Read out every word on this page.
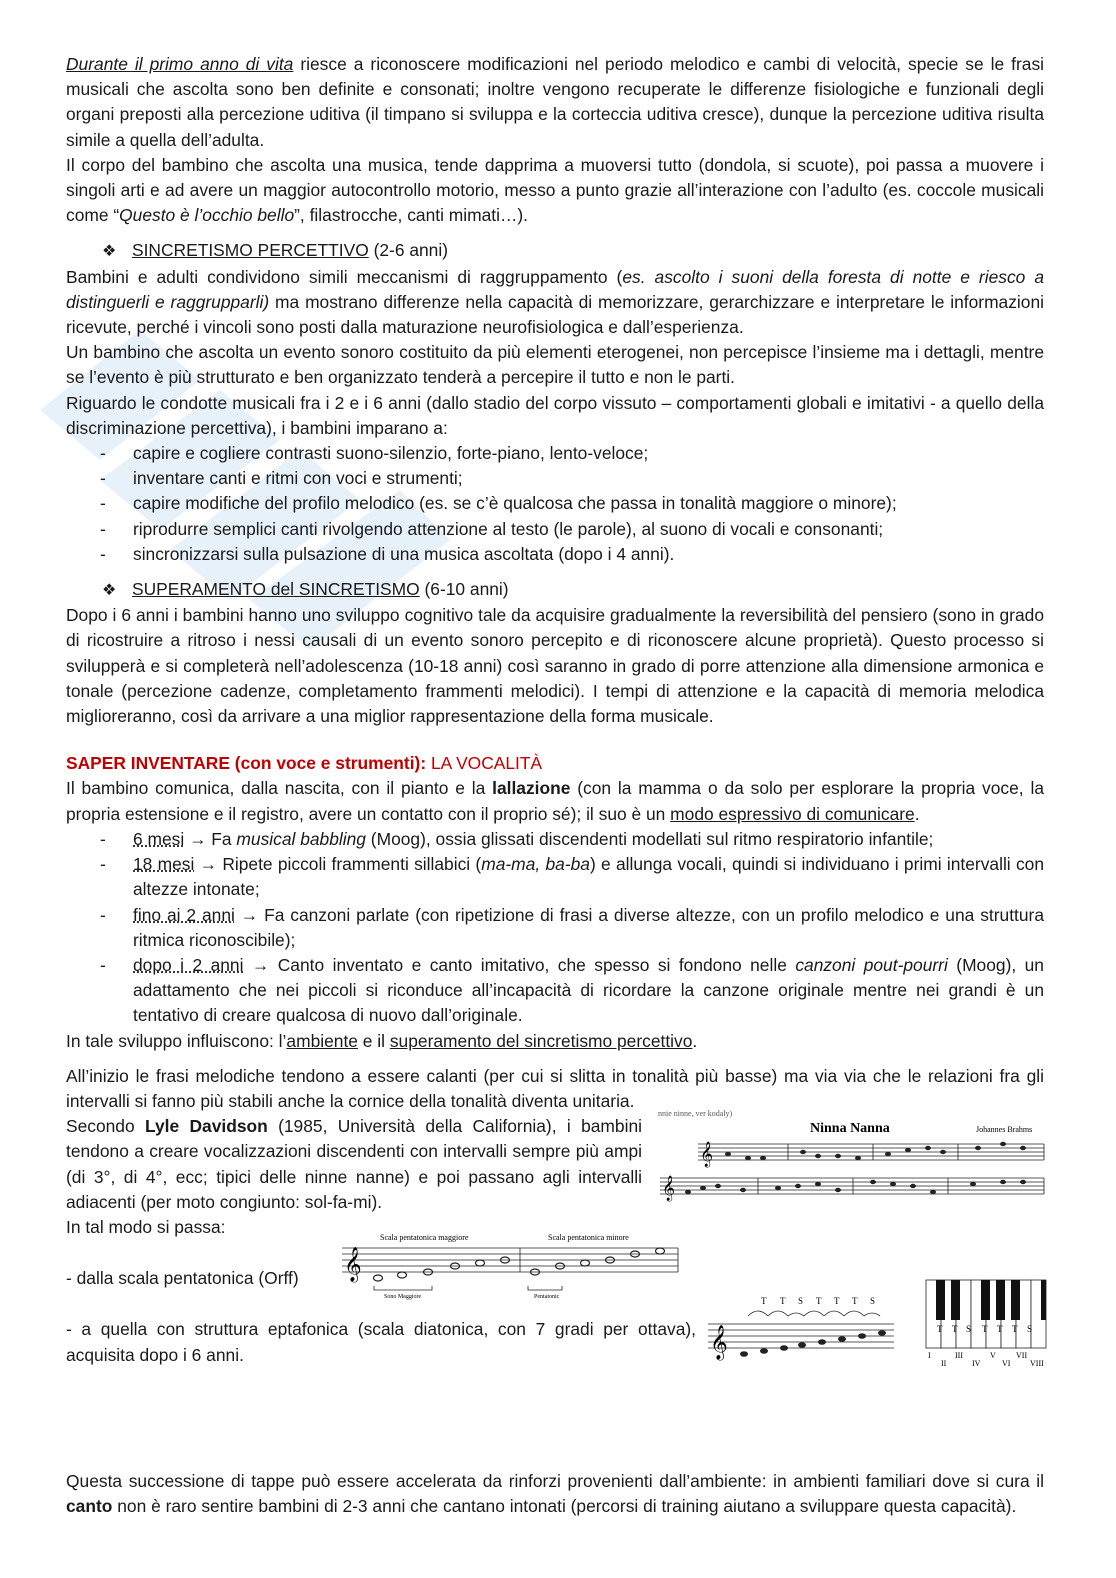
Durante il primo anno di vita riesce a riconoscere modificazioni nel periodo melodico e cambi di velocità, specie se le frasi musicali che ascolta sono ben definite e consonati; inoltre vengono recuperate le differenze fisiologiche e funzionali degli organi preposti alla percezione uditiva (il timpano si sviluppa e la corteccia uditiva cresce), dunque la percezione uditiva risulta simile a quella dell’adulta.

Il corpo del bambino che ascolta una musica, tende dapprima a muoversi tutto (dondola, si scuote), poi passa a muovere i singoli arti e ad avere un maggior autocontrollo motorio, messo a punto grazie all’interazione con l’adulto (es. coccole musicali come “Questo è l’occhio bello”, filastrocche, canti mimati…).

❖ SINCRETISMO PERCETTIVO (2-6 anni)

Bambini e adulti condividono simili meccanismi di raggruppamento (es. ascolto i suoni della foresta di notte e riesco a distinguerli e raggrupparli) ma mostrano differenze nella capacità di memorizzare, gerarchizzare e interpretare le informazioni ricevute, perché i vincoli sono posti dalla maturazione neurofisiologica e dall’esperienza.

Un bambino che ascolta un evento sonoro costituito da più elementi eterogenei, non percepisce l’insieme ma i dettagli, mentre se l’evento è più strutturato e ben organizzato tenderà a percepire il tutto e non le parti.

Riguardo le condotte musicali fra i 2 e i 6 anni (dallo stadio del corpo vissuto – comportamenti globali e imitativi - a quello della discriminazione percettiva), i bambini imparano a:

- capire e cogliere contrasti suono-silenzio, forte-piano, lento-veloce;
- inventare canti e ritmi con voci e strumenti;
- capire modifiche del profilo melodico (es. se c’è qualcosa che passa in tonalità maggiore o minore);
- riprodurre semplici canti rivolgendo attenzione al testo (le parole), al suono di vocali e consonanti;
- sincronizzarsi sulla pulsazione di una musica ascoltata (dopo i 4 anni).
❖ SUPERAMENTO del SINCRETISMO (6-10 anni)

Dopo i 6 anni i bambini hanno uno sviluppo cognitivo tale da acquisire gradualmente la reversibilità del pensiero (sono in grado di ricostruire a ritroso i nessi causali di un evento sonoro percepito e di riconoscere alcune proprietà). Questo processo si svilupperà e si completerà nell’adolescenza (10-18 anni) così saranno in grado di porre attenzione alla dimensione armonica e tonale (percezione cadenze, completamento frammenti melodici). I tempi di attenzione e la capacità di memoria melodica miglioreranno, così da arrivare a una miglior rappresentazione della forma musicale.

SAPER INVENTARE (con voce e strumenti): LA VOCALITÀ

Il bambino comunica, dalla nascita, con il pianto e la lallazione (con la mamma o da solo per esplorare la propria voce, la propria estensione e il registro, avere un contatto con il proprio sé); il suo è un modo espressivo di comunicare.

- 6 mesi → Fa musical babbling (Moog), ossia glissati discendenti modellati sul ritmo respiratorio infantile;
- 18 mesi → Ripete piccoli frammenti sillabici (ma-ma, ba-ba) e allunga vocali, quindi si individuano i primi intervalli con altezze intonate;
- fino ai 2 anni → Fa canzoni parlate (con ripetizione di frasi a diverse altezze, con un profilo melodico e una struttura ritmica riconoscibile);
- dopo i 2 anni → Canto inventato e canto imitativo, che spesso si fondono nelle canzoni pout-pourri (Moog), un adattamento che nei piccoli si riconduce all’incapacità di ricordare la canzone originale mentre nei grandi è un tentativo di creare qualcosa di nuovo dall’originale.

In tale sviluppo influiscono: l’ambiente e il superamento del sincretismo percettivo.

All’inizio le frasi melodiche tendono a essere calanti (per cui si slitta in tonalità più basse) ma via via che le relazioni fra gli intervalli si fanno più stabili anche la cornice della tonalità diventa unitaria.

Secondo Lyle Davidson (1985, Università della California), i bambini tendono a creare vocalizzazioni discendenti con intervalli sempre più ampi (di 3°, di 4°, ecc; tipici delle ninne nanne) e poi passano agli intervalli adiacenti (per moto congiunto: sol-fa-mi).

In tal modo si passa:

- dalla scala pentatonica (Orff)

- a quella con struttura eptafonica (scala diatonica, con 7 gradi per ottava), acquisita dopo i 6 anni.

nnie ninne, ver kodaly)
Ninna Nanna	Johannes Brahms
𝄞
𝄞
Scala pentatonica maggiore	Scala pentatonica minore
𝄞
Sono Maggiore	Pentatonic	T T S T T T S
𝄞	T T S T T T S
I
II
III
IV
V
VI
VII
VIII

Questa successione di tappe può essere accelerata da rinforzi provenienti dall’ambiente: in ambienti familiari dove si cura il canto non è raro sentire bambini di 2-3 anni che cantano intonati (percorsi di training aiutano a sviluppare questa capacità).
